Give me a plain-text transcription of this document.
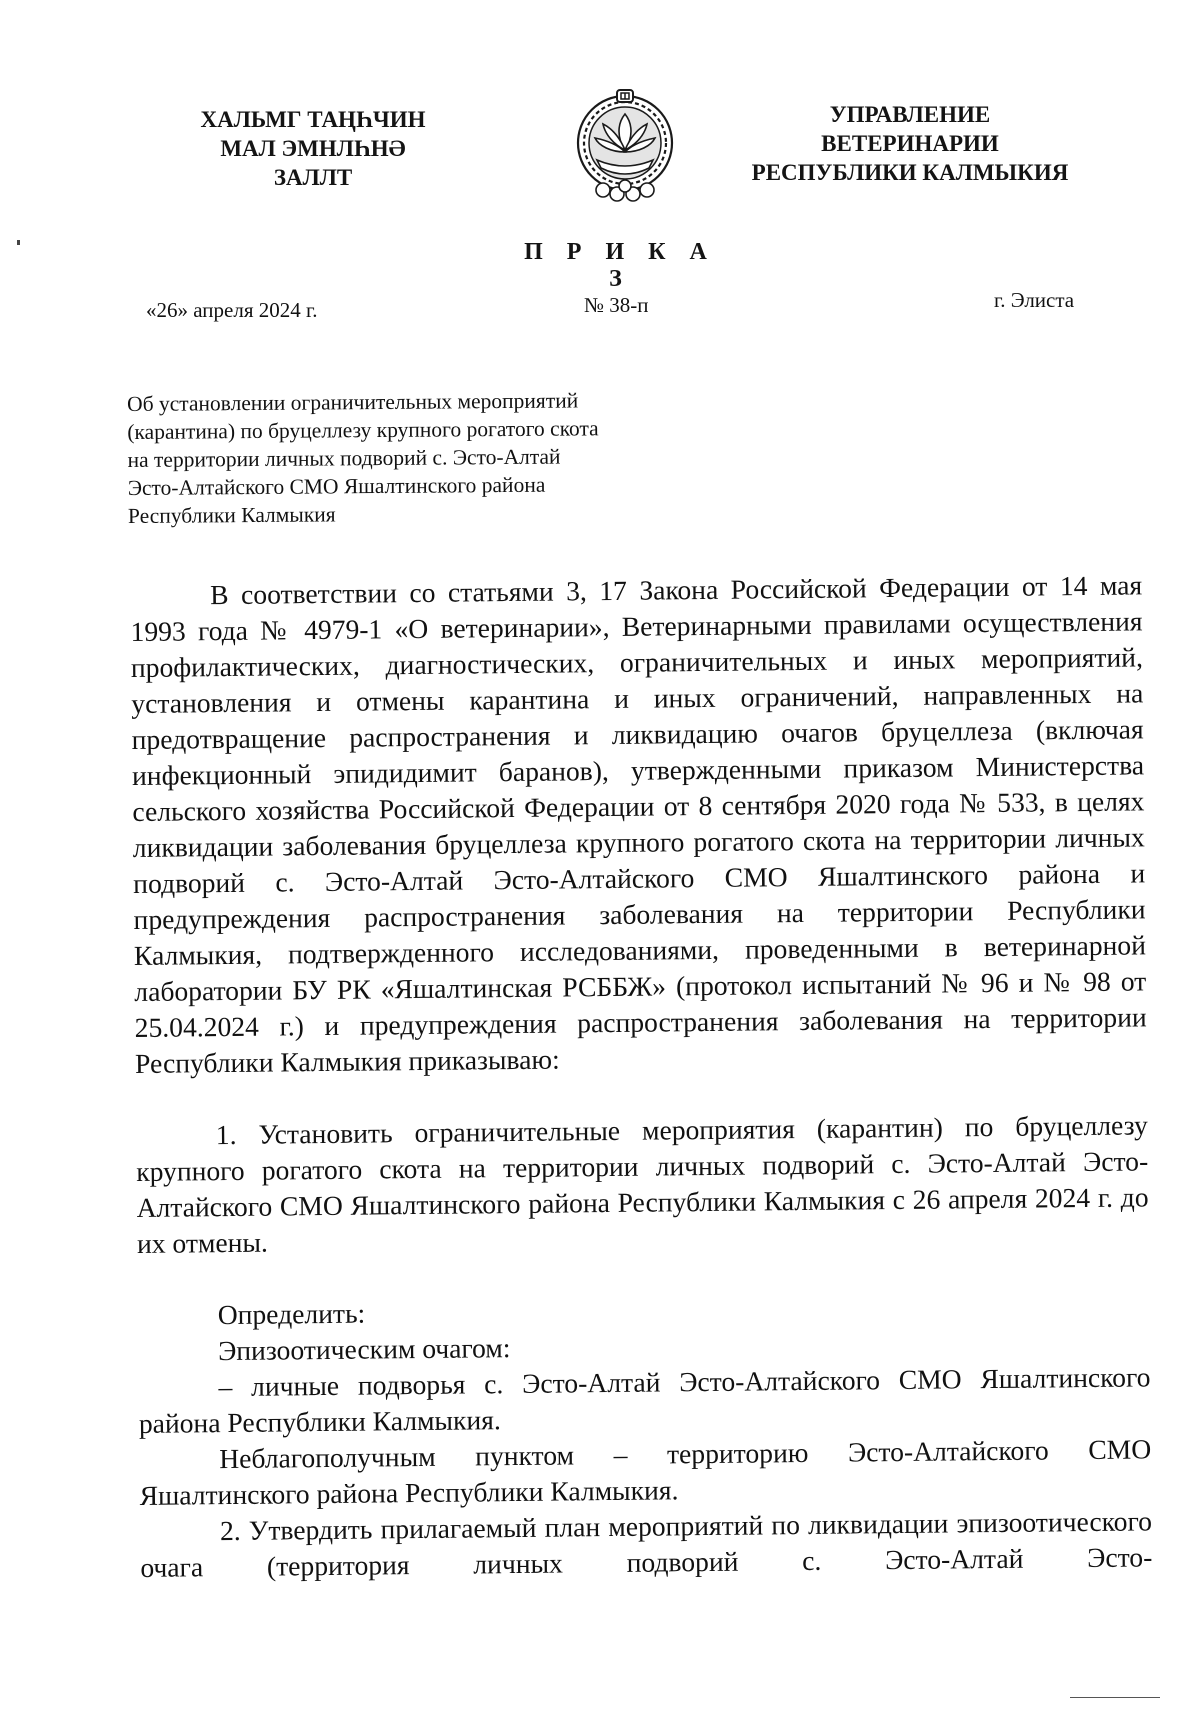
ХАЛЬМГ ТАҢҺЧИН
МАЛ ЭМНЛҺНӘ
ЗАЛЛТ
УПРАВЛЕНИЕ
ВЕТЕРИНАРИИ
РЕСПУБЛИКИ КАЛМЫКИЯ
П Р И К А З
«26» апреля 2024 г.	№ 38-п	г. Элиста
Об установлении ограничительных мероприятий
(карантина) по бруцеллезу крупного рогатого скота
на территории личных подворий с. Эсто-Алтай
Эсто-Алтайского СМО Яшалтинского района
Республики Калмыкия

В соответствии со статьями 3, 17 Закона Российской Федерации от 14 мая 1993 года № 4979-1 «О ветеринарии», Ветеринарными правилами осуществления профилактических, диагностических, ограничительных и иных мероприятий, установления и отмены карантина и иных ограничений, направленных на предотвращение распространения и ликвидацию очагов бруцеллеза (включая инфекционный эпидидимит баранов), утвержденными приказом Министерства сельского хозяйства Российской Федерации от 8 сентября 2020 года № 533, в целях ликвидации заболевания бруцеллеза крупного рогатого скота на территории личных подворий с. Эсто-Алтай Эсто-Алтайского СМО Яшалтинского района и предупреждения распространения заболевания на территории Республики Калмыкия, подтвержденного исследованиями, проведенными в ветеринарной лаборатории БУ РК «Яшалтинская РСББЖ» (протокол испытаний № 96 и № 98 от 25.04.2024 г.) и предупреждения распространения заболевания на территории Республики Калмыкия приказываю:

1. Установить ограничительные мероприятия (карантин) по бруцеллезу крупного рогатого скота на территории личных подворий с. Эсто-Алтай Эсто-Алтайского СМО Яшалтинского района Республики Калмыкия с 26 апреля 2024 г. до их отмены.

Определить:

Эпизоотическим очагом:

– личные подворья с. Эсто-Алтай Эсто-Алтайского СМО Яшалтинского района Республики Калмыкия.

Неблагополучным пунктом – территорию Эсто-Алтайского СМО Яшалтинского района Республики Калмыкия.

2. Утвердить прилагаемый план мероприятий по ликвидации эпизоотического очага (территория личных подворий с. Эсто-Алтай Эсто-
